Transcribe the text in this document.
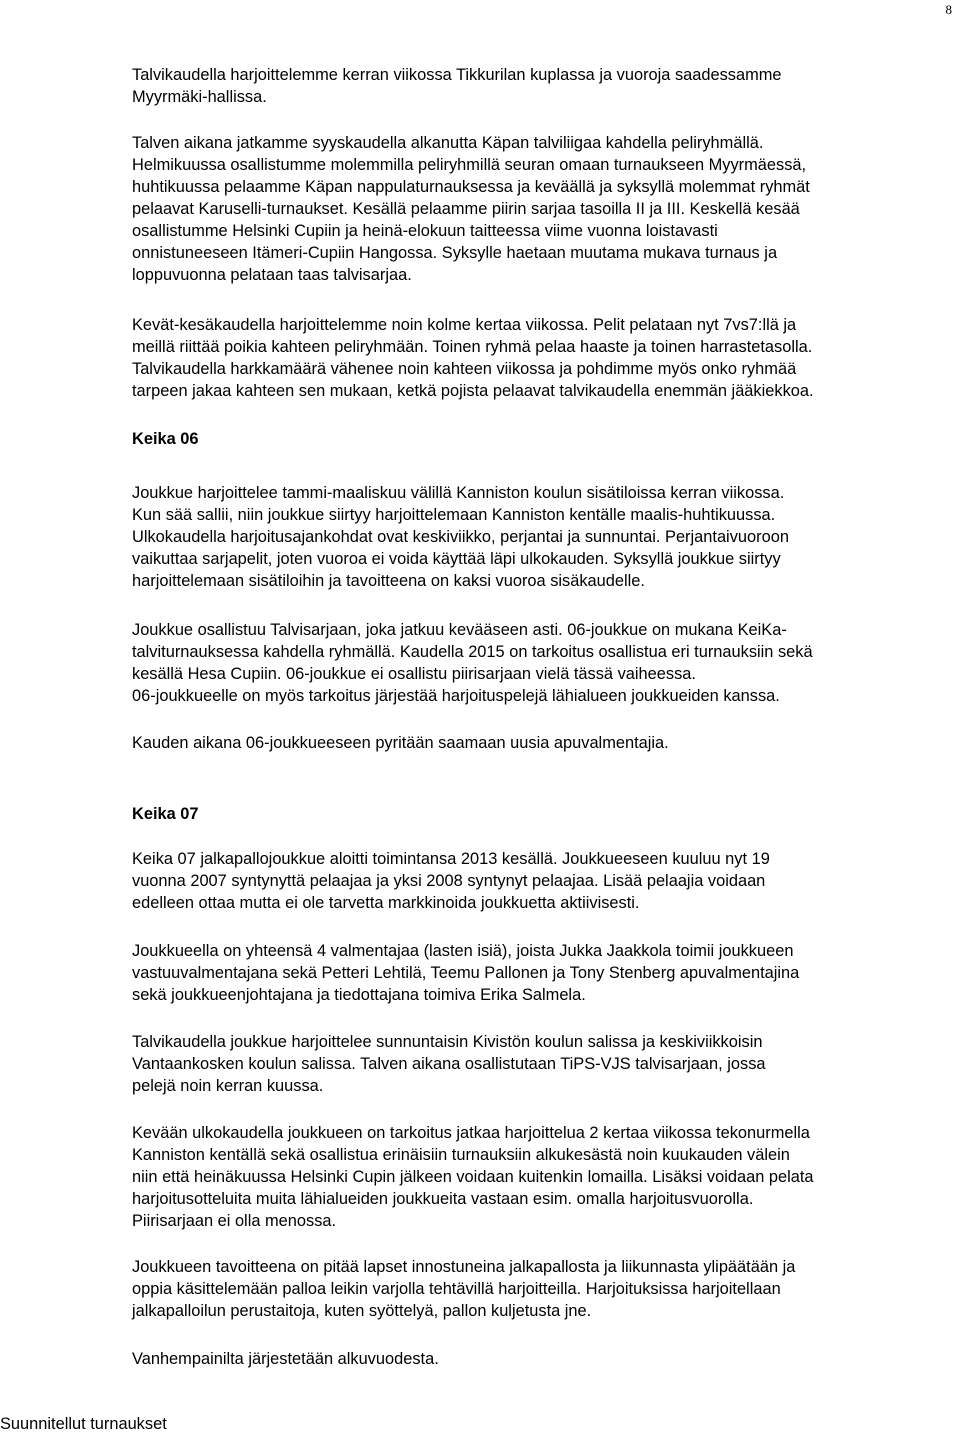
8
Talvikaudella harjoittelemme kerran viikossa Tikkurilan kuplassa ja vuoroja saadessamme
Myyrmäki-hallissa.
Talven aikana jatkamme syyskaudella alkanutta Käpan talviliigaa kahdella peliryhmällä.
Helmikuussa osallistumme molemmilla peliryhmillä seuran omaan turnaukseen Myyrmäessä,
huhtikuussa pelaamme Käpan nappulaturnauksessa ja keväällä ja syksyllä molemmat ryhmät
pelaavat Karuselli-turnaukset. Kesällä pelaamme piirin sarjaa tasoilla II ja III. Keskellä kesää
osallistumme Helsinki Cupiin ja heinä-elokuun taitteessa viime vuonna loistavasti
onnistuneeseen Itämeri-Cupiin Hangossa. Syksylle haetaan muutama mukava turnaus ja
loppuvuonna pelataan taas talvisarjaa.
Kevät-kesäkaudella harjoittelemme noin kolme kertaa viikossa. Pelit pelataan nyt 7vs7:llä ja
meillä riittää poikia kahteen peliryhmään. Toinen ryhmä pelaa haaste ja toinen harrastetasolla.
Talvikaudella harkkamäärä vähenee noin kahteen viikossa ja pohdimme myös onko ryhmää
tarpeen jakaa kahteen sen mukaan, ketkä pojista pelaavat talvikaudella enemmän jääkiekkoa.
Keika 06
Joukkue harjoittelee tammi-maaliskuu välillä Kanniston koulun sisätiloissa kerran viikossa.
Kun sää sallii, niin joukkue siirtyy harjoittelemaan Kanniston kentälle maalis-huhtikuussa.
Ulkokaudella harjoitusajankohdat ovat keskiviikko, perjantai ja sunnuntai. Perjantaivuoroon
vaikuttaa sarjapelit, joten vuoroa ei voida käyttää läpi ulkokauden. Syksyllä joukkue siirtyy
harjoittelemaan sisätiloihin ja tavoitteena on kaksi vuoroa sisäkaudelle.
Joukkue osallistuu Talvisarjaan, joka jatkuu kevääseen asti. 06-joukkue on mukana KeiKa-
talviturnauksessa kahdella ryhmällä. Kaudella 2015 on tarkoitus osallistua eri turnauksiin sekä
kesällä Hesa Cupiin. 06-joukkue ei osallistu piirisarjaan vielä tässä vaiheessa.
06-joukkueelle on myös tarkoitus järjestää harjoituspelejä lähialueen joukkueiden kanssa.
Kauden aikana 06-joukkueeseen pyritään saamaan uusia apuvalmentajia.
Keika 07
Keika 07 jalkapallojoukkue aloitti toimintansa 2013 kesällä. Joukkueeseen kuuluu nyt 19
vuonna 2007 syntynyttä pelaajaa ja yksi 2008 syntynyt pelaajaa. Lisää pelaajia voidaan
edelleen ottaa mutta ei ole tarvetta markkinoida joukkuetta aktiivisesti.
Joukkueella on yhteensä 4 valmentajaa (lasten isiä), joista Jukka Jaakkola toimii joukkueen
vastuuvalmentajana sekä Petteri Lehtilä, Teemu Pallonen ja Tony Stenberg apuvalmentajina
sekä joukkueenjohtajana ja tiedottajana toimiva Erika Salmela.
Talvikaudella joukkue harjoittelee sunnuntaisin Kivistön koulun salissa ja keskiviikkoisin
Vantaankosken koulun salissa. Talven aikana osallistutaan TiPS-VJS talvisarjaan, jossa
pelejä noin kerran kuussa.
Kevään ulkokaudella joukkueen on tarkoitus jatkaa harjoittelua 2 kertaa viikossa tekonurmella
Kanniston kentällä sekä osallistua erinäisiin turnauksiin alkukesästä noin kuukauden välein
niin että heinäkuussa Helsinki Cupin jälkeen voidaan kuitenkin lomailla. Lisäksi voidaan pelata
harjoitusotteluita muita lähialueiden joukkueita vastaan esim. omalla harjoitusvuorolla.
Piirisarjaan ei olla menossa.
Joukkueen tavoitteena on pitää lapset innostuneina jalkapallosta ja liikunnasta ylipäätään ja
oppia käsittelemään palloa leikin varjolla tehtävillä harjoitteilla. Harjoituksissa harjoitellaan
jalkapalloilun perustaitoja, kuten syöttelyä, pallon kuljetusta jne.
Vanhempainilta järjestetään alkuvuodesta.
Suunnitellut turnaukset
